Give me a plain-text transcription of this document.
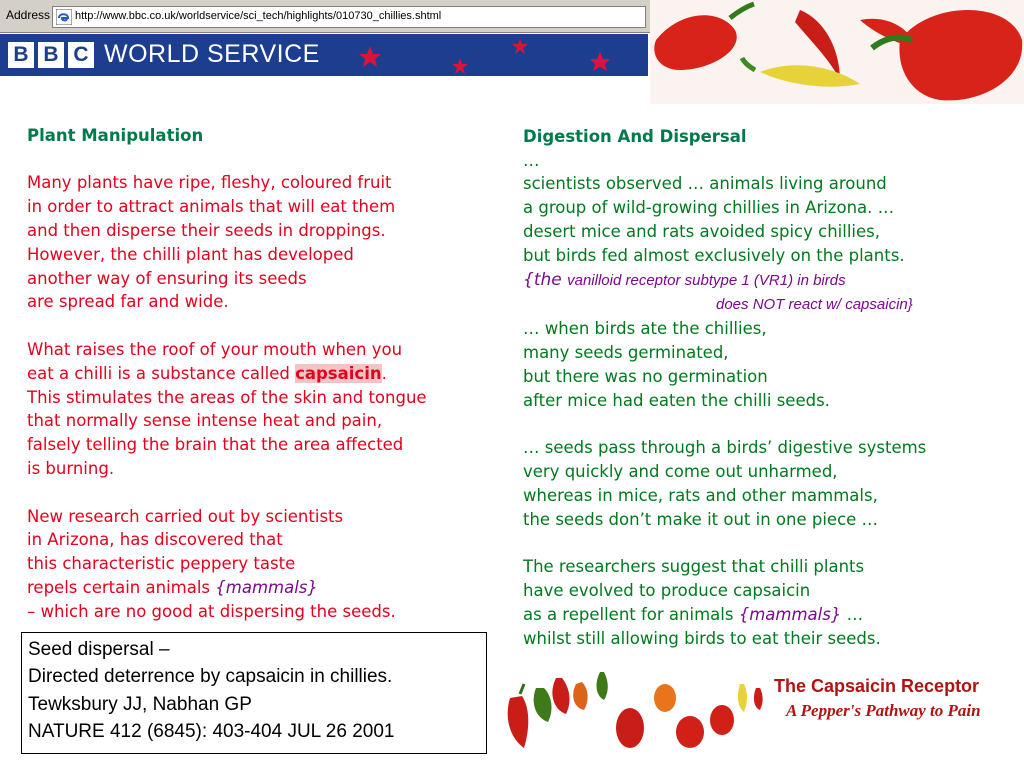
Address http://www.bbc.co.uk/worldservice/sci_tech/highlights/010730_chillies.shtml
B B C WORLD SERVICE

Plant Manipulation

Many plants have ripe, fleshy, coloured fruit
in order to attract animals that will eat them
and then disperse their seeds in droppings.
However, the chilli plant has developed
another way of ensuring its seeds
are spread far and wide.

What raises the roof of your mouth when you
eat a chilli is a substance called capsaicin.
This stimulates the areas of the skin and tongue
that normally sense intense heat and pain,
falsely telling the brain that the area affected
is burning.

New research carried out by scientists
in Arizona, has discovered that
this characteristic peppery taste
repels certain animals {mammals}
– which are no good at dispersing the seeds.

Digestion And Dispersal
…
scientists observed … animals living around
a group of wild-growing chillies in Arizona. …
desert mice and rats avoided spicy chillies,
but birds fed almost exclusively on the plants.
{the vanilloid receptor subtype 1 (VR1) in birds
does NOT react w/ capsaicin}
… when birds ate the chillies,
many seeds germinated,
but there was no germination
after mice had eaten the chilli seeds.

… seeds pass through a birds’ digestive systems
very quickly and come out unharmed,
whereas in mice, rats and other mammals,
the seeds don’t make it out in one piece …

The researchers suggest that chilli plants
have evolved to produce capsaicin
as a repellent for animals {mammals} …
whilst still allowing birds to eat their seeds.
Seed dispersal –
Directed deterrence by capsaicin in chillies.
Tewksbury JJ, Nabhan GP
NATURE 412 (6845): 403-404 JUL 26 2001
The Capsaicin Receptor
A Pepper's Pathway to Pain
